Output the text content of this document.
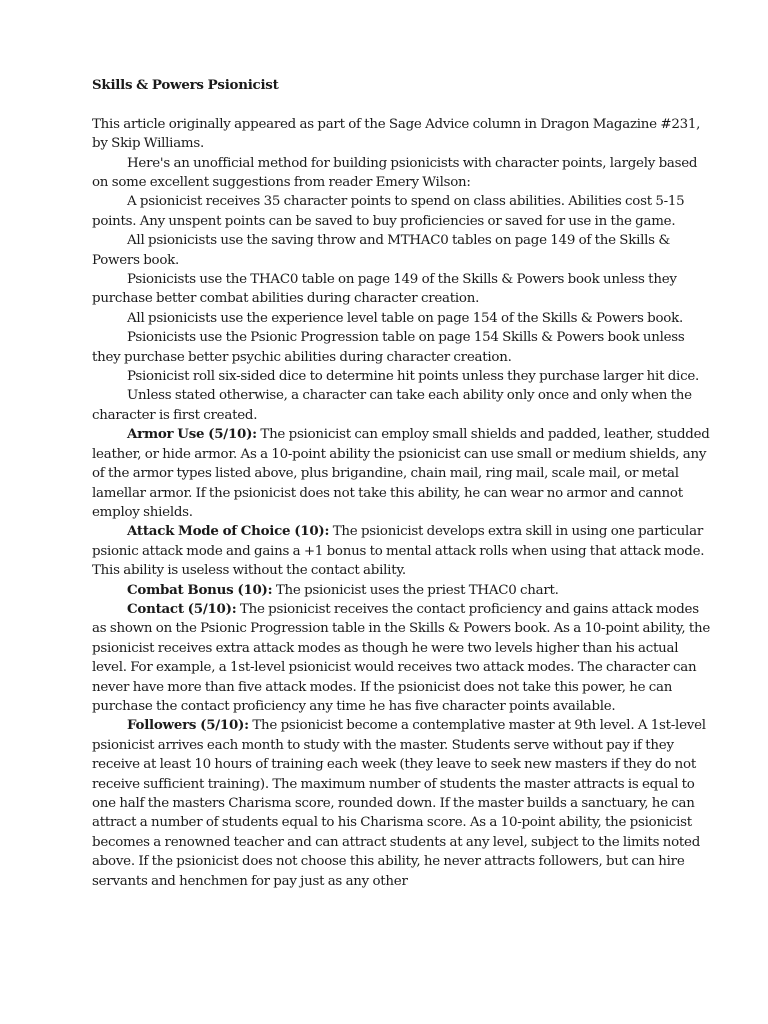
Skills & Powers Psionicist

This article originally appeared as part of the Sage Advice column in Dragon Magazine #231, by Skip Williams.

Here's an unofficial method for building psionicists with character points, largely based on some excellent suggestions from reader Emery Wilson:

A psionicist receives 35 character points to spend on class abilities. Abilities cost 5-15 points. Any unspent points can be saved to buy proficiencies or saved for use in the game.

All psionicists use the saving throw and MTHAC0 tables on page 149 of the Skills & Powers book.

Psionicists use the THAC0 table on page 149 of the Skills & Powers book unless they purchase better combat abilities during character creation.

All psionicists use the experience level table on page 154 of the Skills & Powers book.

Psionicists use the Psionic Progression table on page 154 Skills & Powers book unless they purchase better psychic abilities during character creation.

Psionicist roll six-sided dice to determine hit points unless they purchase larger hit dice.

Unless stated otherwise, a character can take each ability only once and only when the character is first created.

Armor Use (5/10): The psionicist can employ small shields and padded, leather, studded leather, or hide armor. As a 10-point ability the psionicist can use small or medium shields, any of the armor types listed above, plus brigandine, chain mail, ring mail, scale mail, or metal lamellar armor. If the psionicist does not take this ability, he can wear no armor and cannot employ shields.

Attack Mode of Choice (10): The psionicist develops extra skill in using one particular psionic attack mode and gains a +1 bonus to mental attack rolls when using that attack mode. This ability is useless without the contact ability.

Combat Bonus (10): The psionicist uses the priest THAC0 chart.

Contact (5/10): The psionicist receives the contact proficiency and gains attack modes as shown on the Psionic Progression table in the Skills & Powers book. As a 10-point ability, the psionicist receives extra attack modes as though he were two levels higher than his actual level. For example, a 1st-level psionicist would receives two attack modes. The character can never have more than five attack modes. If the psionicist does not take this power, he can purchase the contact proficiency any time he has five character points available.

Followers (5/10): The psionicist become a contemplative master at 9th level. A 1st-level psionicist arrives each month to study with the master. Students serve without pay if they receive at least 10 hours of training each week (they leave to seek new masters if they do not receive sufficient training). The maximum number of students the master attracts is equal to one half the masters Charisma score, rounded down. If the master builds a sanctuary, he can attract a number of students equal to his Charisma score. As a 10-point ability, the psionicist becomes a renowned teacher and can attract students at any level, subject to the limits noted above. If the psionicist does not choose this ability, he never attracts followers, but can hire servants and henchmen for pay just as any other
